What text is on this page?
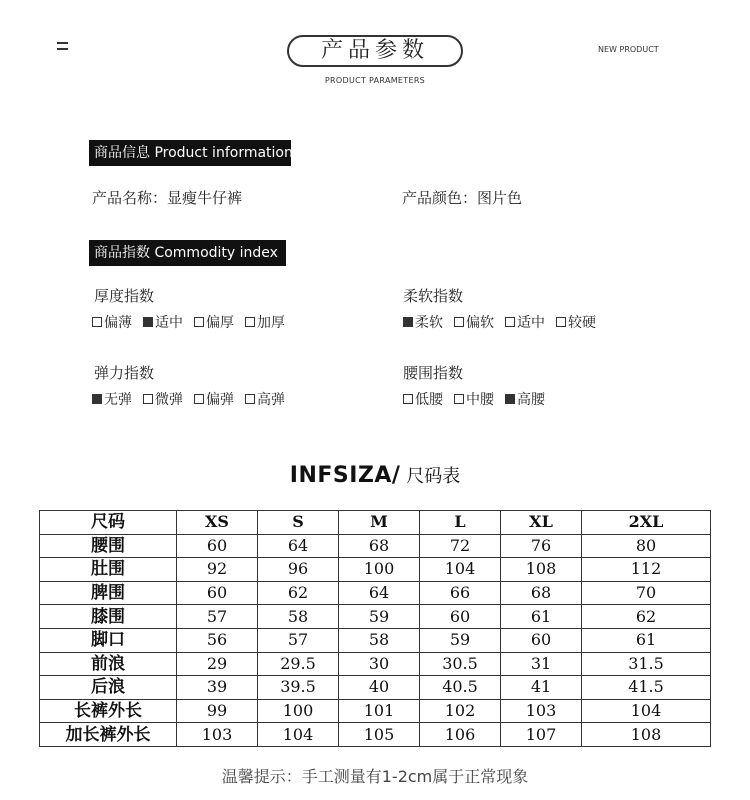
产品参数
PRODUCT PARAMETERS
NEW PRODUCT
商品信息 Product information
产品名称：显瘦牛仔裤	产品颜色：图片色
商品指数 Commodity index
厚度指数
偏薄 适中 偏厚 加厚
柔软指数
柔软 偏软 适中 较硬
弹力指数
无弹 微弹 偏弹 高弹
腰围指数
低腰 中腰 高腰
INFSIZA/ 尺码表
尺码	XS	S	M	L	XL	2XL
腰围	60	64	68	72	76	80
肚围	92	96	100	104	108	112
脾围	60	62	64	66	68	70
膝围	57	58	59	60	61	62
脚口	56	57	58	59	60	61
前浪	29	29.5	30	30.5	31	31.5
后浪	39	39.5	40	40.5	41	41.5
长裤外长	99	100	101	102	103	104
加长裤外长	103	104	105	106	107	108
温馨提示：手工测量有1-2cm属于正常现象
